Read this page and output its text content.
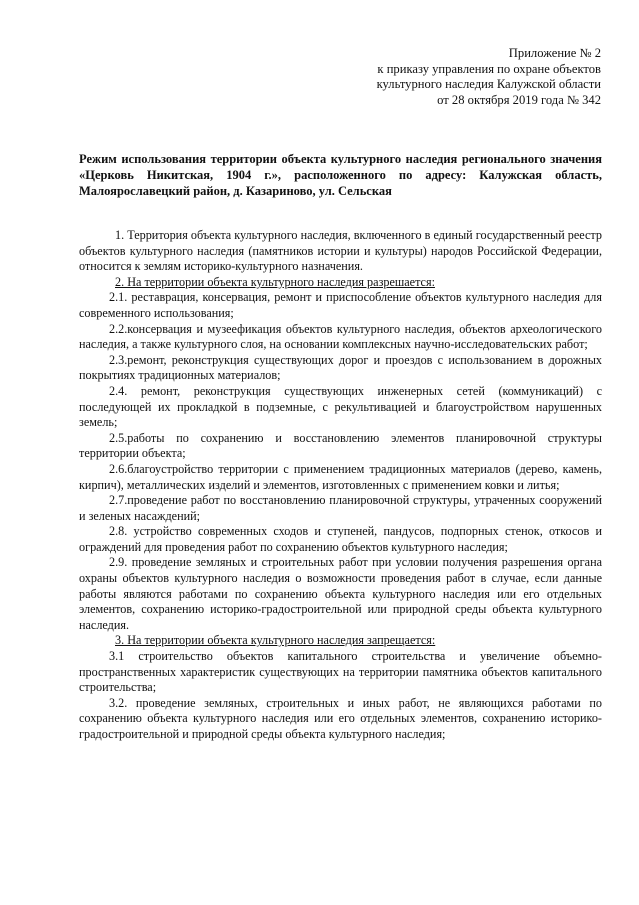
Приложение № 2
к приказу управления по охране объектов
культурного наследия Калужской области
от 28 октября 2019 года № 342
Режим использования территории объекта культурного наследия регионального значения «Церковь Никитская, 1904 г.», расположенного по адресу: Калужская область, Малоярославецкий район, д. Казариново, ул. Сельская

1. Территория объекта культурного наследия, включенного в единый государственный реестр объектов культурного наследия (памятников истории и культуры) народов Российской Федерации, относится к землям историко-культурного назначения.

2. На территории объекта культурного наследия разрешается:

2.1. реставрация, консервация, ремонт и приспособление объектов культурного наследия для современного использования;

2.2.консервация и музеефикация объектов культурного наследия, объектов археологического наследия, а также культурного слоя, на основании комплексных научно-исследовательских работ;

2.3.ремонт, реконструкция существующих дорог и проездов с использованием в дорожных покрытиях традиционных материалов;

2.4. ремонт, реконструкция существующих инженерных сетей (коммуникаций) с последующей их прокладкой в подземные, с рекультивацией и благоустройством нарушенных земель;

2.5.работы по сохранению и восстановлению элементов планировочной структуры территории объекта;

2.6.благоустройство территории с применением традиционных материалов (дерево, камень, кирпич), металлических изделий и элементов, изготовленных с применением ковки и литья;

2.7.проведение работ по восстановлению планировочной структуры, утраченных сооружений и зеленых насаждений;

2.8. устройство современных сходов и ступеней, пандусов, подпорных стенок, откосов и ограждений для проведения работ по сохранению объектов культурного наследия;

2.9. проведение земляных и строительных работ при условии получения разрешения органа охраны объектов культурного наследия о возможности проведения работ в случае, если данные работы являются работами по сохранению объекта культурного наследия или его отдельных элементов, сохранению историко-градостроительной или природной среды объекта культурного наследия.

3. На территории объекта культурного наследия запрещается:

3.1 строительство объектов капитального строительства и увеличение объемно-пространственных характеристик существующих на территории памятника объектов капитального строительства;

3.2. проведение земляных, строительных и иных работ, не являющихся работами по сохранению объекта культурного наследия или его отдельных элементов, сохранению историко-градостроительной и природной среды объекта культурного наследия;
